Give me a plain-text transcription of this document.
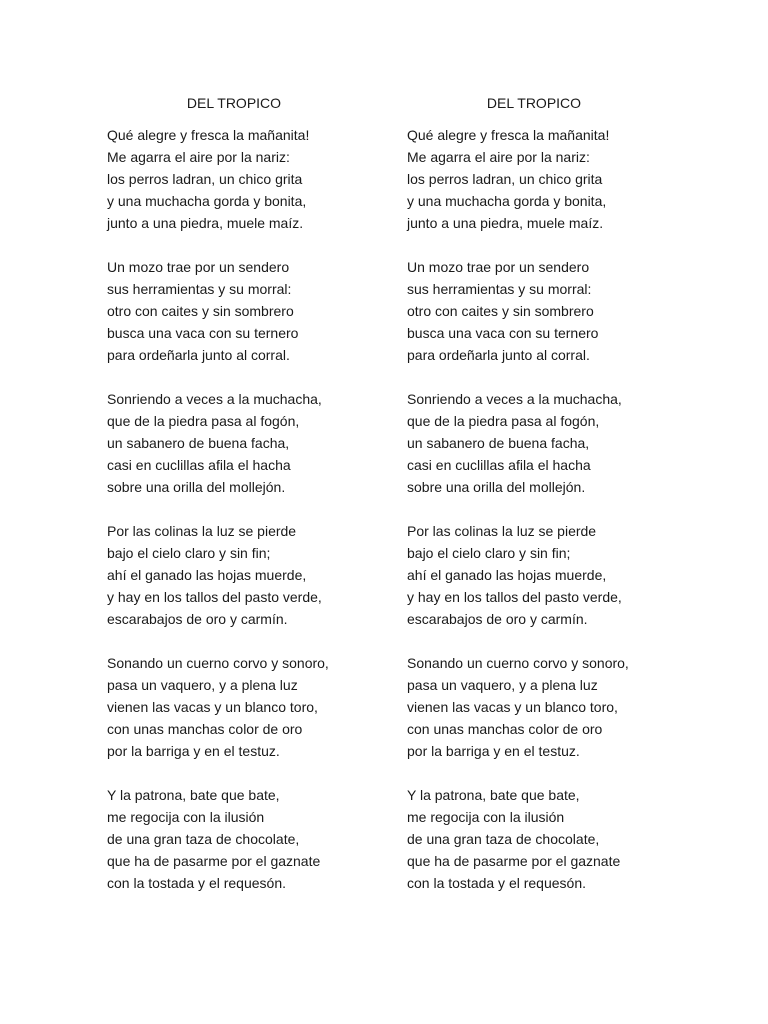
DEL TROPICO
Qué alegre y fresca la mañanita!
Me agarra el aire por la nariz:
los perros ladran, un chico grita
y una muchacha gorda y bonita,
junto a una piedra, muele maíz.
Un mozo trae por un sendero
sus herramientas y su morral:
otro con caites y sin sombrero
busca una vaca con su ternero
para ordeñarla junto al corral.
Sonriendo a veces a la muchacha,
que de la piedra pasa al fogón,
un sabanero de buena facha,
casi en cuclillas afila el hacha
sobre una orilla del mollejón.
Por las colinas la luz se pierde
bajo el cielo claro y sin fin;
ahí el ganado las hojas muerde,
y hay en los tallos del pasto verde,
escarabajos de oro y carmín.
Sonando un cuerno corvo y sonoro,
pasa un vaquero, y a plena luz
vienen las vacas y un blanco toro,
con unas manchas color de oro
por la barriga y en el testuz.
Y la patrona, bate que bate,
me regocija con la ilusión
de una gran taza de chocolate,
que ha de pasarme por el gaznate
con la tostada y el requesón.
DEL TROPICO
Qué alegre y fresca la mañanita!
Me agarra el aire por la nariz:
los perros ladran, un chico grita
y una muchacha gorda y bonita,
junto a una piedra, muele maíz.
Un mozo trae por un sendero
sus herramientas y su morral:
otro con caites y sin sombrero
busca una vaca con su ternero
para ordeñarla junto al corral.
Sonriendo a veces a la muchacha,
que de la piedra pasa al fogón,
un sabanero de buena facha,
casi en cuclillas afila el hacha
sobre una orilla del mollejón.
Por las colinas la luz se pierde
bajo el cielo claro y sin fin;
ahí el ganado las hojas muerde,
y hay en los tallos del pasto verde,
escarabajos de oro y carmín.
Sonando un cuerno corvo y sonoro,
pasa un vaquero, y a plena luz
vienen las vacas y un blanco toro,
con unas manchas color de oro
por la barriga y en el testuz.
Y la patrona, bate que bate,
me regocija con la ilusión
de una gran taza de chocolate,
que ha de pasarme por el gaznate
con la tostada y el requesón.
